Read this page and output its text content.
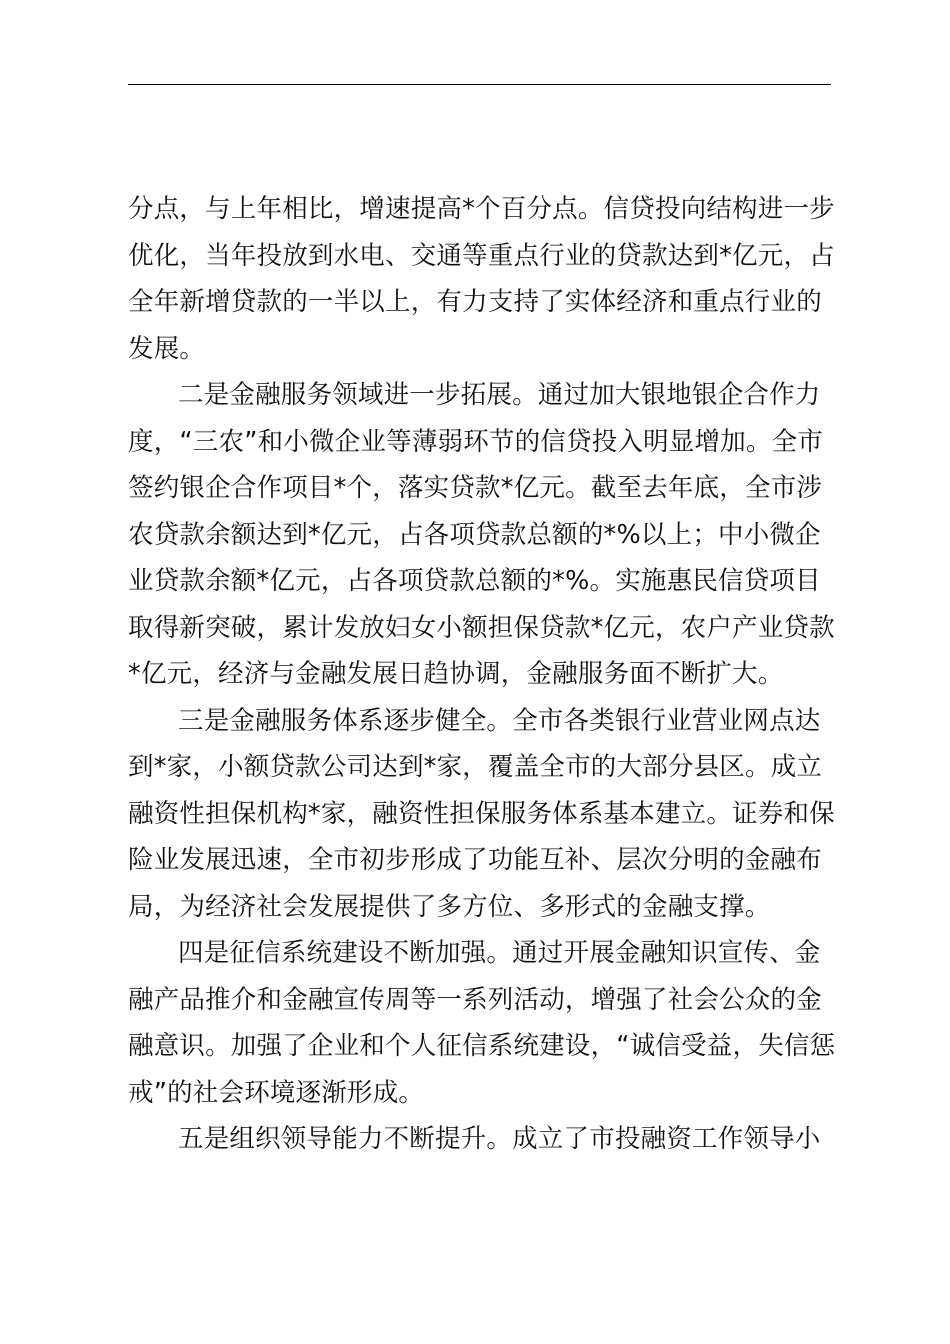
分点，与上年相比，增速提高*个百分点。信贷投向结构进一步
优化，当年投放到水电、交通等重点行业的贷款达到*亿元，占
全年新增贷款的一半以上，有力支持了实体经济和重点行业的
发展。
二是金融服务领域进一步拓展。通过加大银地银企合作力
度，“三农”和小微企业等薄弱环节的信贷投入明显增加。全市
签约银企合作项目*个，落实贷款*亿元。截至去年底，全市涉
农贷款余额达到*亿元，占各项贷款总额的*%以上；中小微企
业贷款余额*亿元，占各项贷款总额的*%。实施惠民信贷项目
取得新突破，累计发放妇女小额担保贷款*亿元，农户产业贷款
*亿元，经济与金融发展日趋协调，金融服务面不断扩大。
三是金融服务体系逐步健全。全市各类银行业营业网点达
到*家，小额贷款公司达到*家，覆盖全市的大部分县区。成立
融资性担保机构*家，融资性担保服务体系基本建立。证券和保
险业发展迅速，全市初步形成了功能互补、层次分明的金融布
局，为经济社会发展提供了多方位、多形式的金融支撑。
四是征信系统建设不断加强。通过开展金融知识宣传、金
融产品推介和金融宣传周等一系列活动，增强了社会公众的金
融意识。加强了企业和个人征信系统建设，“诚信受益，失信惩
戒”的社会环境逐渐形成。
五是组织领导能力不断提升。成立了市投融资工作领导小
